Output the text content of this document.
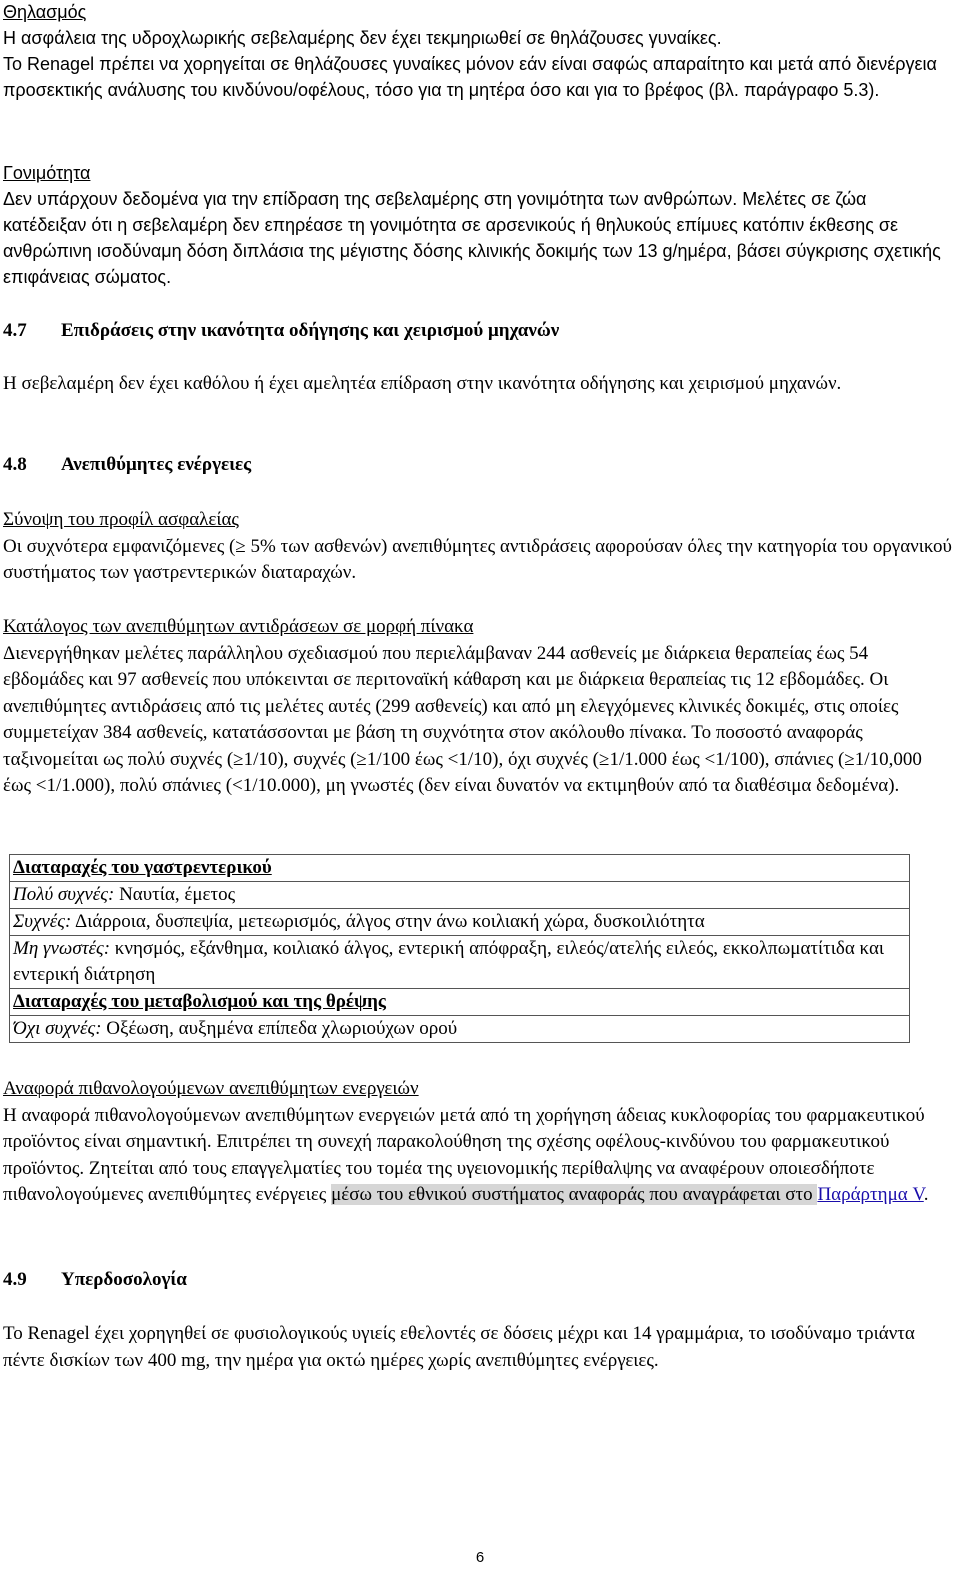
Θηλασμός
Η ασφάλεια της υδροχλωρικής σεβελαμέρης δεν έχει τεκμηριωθεί σε θηλάζουσες γυναίκες.
Το Renagel πρέπει να χορηγείται σε θηλάζουσες γυναίκες μόνον εάν είναι σαφώς απαραίτητο και μετά από διενέργεια προσεκτικής ανάλυσης του κινδύνου/οφέλους, τόσο για τη μητέρα όσο και για το βρέφος (βλ. παράγραφο 5.3).
Γονιμότητα
Δεν υπάρχουν δεδομένα για την επίδραση της σεβελαμέρης στη γονιμότητα των ανθρώπων. Μελέτες σε ζώα κατέδειξαν ότι η σεβελαμέρη δεν επηρέασε τη γονιμότητα σε αρσενικούς ή θηλυκούς επίμυες κατόπιν έκθεσης σε ανθρώπινη ισοδύναμη δόση διπλάσια της μέγιστης δόσης κλινικής δοκιμής των 13 g/ημέρα, βάσει σύγκρισης σχετικής επιφάνειας σώματος.
4.7 Επιδράσεις στην ικανότητα οδήγησης και χειρισμού μηχανών
Η σεβελαμέρη δεν έχει καθόλου ή έχει αμελητέα επίδραση στην ικανότητα οδήγησης και χειρισμού μηχανών.
4.8 Ανεπιθύμητες ενέργειες
Σύνοψη του προφίλ ασφαλείας
Οι συχνότερα εμφανιζόμενες (≥ 5% των ασθενών) ανεπιθύμητες αντιδράσεις αφορούσαν όλες την κατηγορία του οργανικού συστήματος των γαστρεντερικών διαταραχών.
Κατάλογος των ανεπιθύμητων αντιδράσεων σε μορφή πίνακα
Διενεργήθηκαν μελέτες παράλληλου σχεδιασμού που περιελάμβαναν 244 ασθενείς με διάρκεια θεραπείας έως 54 εβδομάδες και 97 ασθενείς που υπόκεινται σε περιτοναϊκή κάθαρση και με διάρκεια θεραπείας τις 12 εβδομάδες. Οι ανεπιθύμητες αντιδράσεις από τις μελέτες αυτές (299 ασθενείς) και από μη ελεγχόμενες κλινικές δοκιμές, στις οποίες συμμετείχαν 384 ασθενείς, κατατάσσονται με βάση τη συχνότητα στον ακόλουθο πίνακα. Το ποσοστό αναφοράς ταξινομείται ως πολύ συχνές (≥1/10), συχνές (≥1/100 έως <1/10), όχι συχνές (≥1/1.000 έως <1/100), σπάνιες (≥1/10,000 έως <1/1.000), πολύ σπάνιες (<1/10.000), μη γνωστές (δεν είναι δυνατόν να εκτιμηθούν από τα διαθέσιμα δεδομένα).
Διαταραχές του γαστρεντερικού
Πολύ συχνές: Ναυτία, έμετος
Συχνές: Διάρροια, δυσπεψία, μετεωρισμός, άλγος στην άνω κοιλιακή χώρα, δυσκοιλιότητα
Μη γνωστές: κνησμός, εξάνθημα, κοιλιακό άλγος, εντερική απόφραξη, ειλεός/ατελής ειλεός, εκκολπωματίτιδα και εντερική διάτρηση
Διαταραχές του μεταβολισμού και της θρέψης
Όχι συχνές: Οξέωση, αυξημένα επίπεδα χλωριούχων ορού
Αναφορά πιθανολογούμενων ανεπιθύμητων ενεργειών
Η αναφορά πιθανολογούμενων ανεπιθύμητων ενεργειών μετά από τη χορήγηση άδειας κυκλοφορίας του φαρμακευτικού προϊόντος είναι σημαντική. Επιτρέπει τη συνεχή παρακολούθηση της σχέσης οφέλους-κινδύνου του φαρμακευτικού προϊόντος. Ζητείται από τους επαγγελματίες του τομέα της υγειονομικής περίθαλψης να αναφέρουν οποιεσδήποτε πιθανολογούμενες ανεπιθύμητες ενέργειες μέσω του εθνικού συστήματος αναφοράς που αναγράφεται στο Παράρτημα V.
4.9 Υπερδοσολογία
Το Renagel έχει χορηγηθεί σε φυσιολογικούς υγιείς εθελοντές σε δόσεις μέχρι και 14 γραμμάρια, το ισοδύναμο τριάντα πέντε δισκίων των 400 mg, την ημέρα για οκτώ ημέρες χωρίς ανεπιθύμητες ενέργειες.
6
